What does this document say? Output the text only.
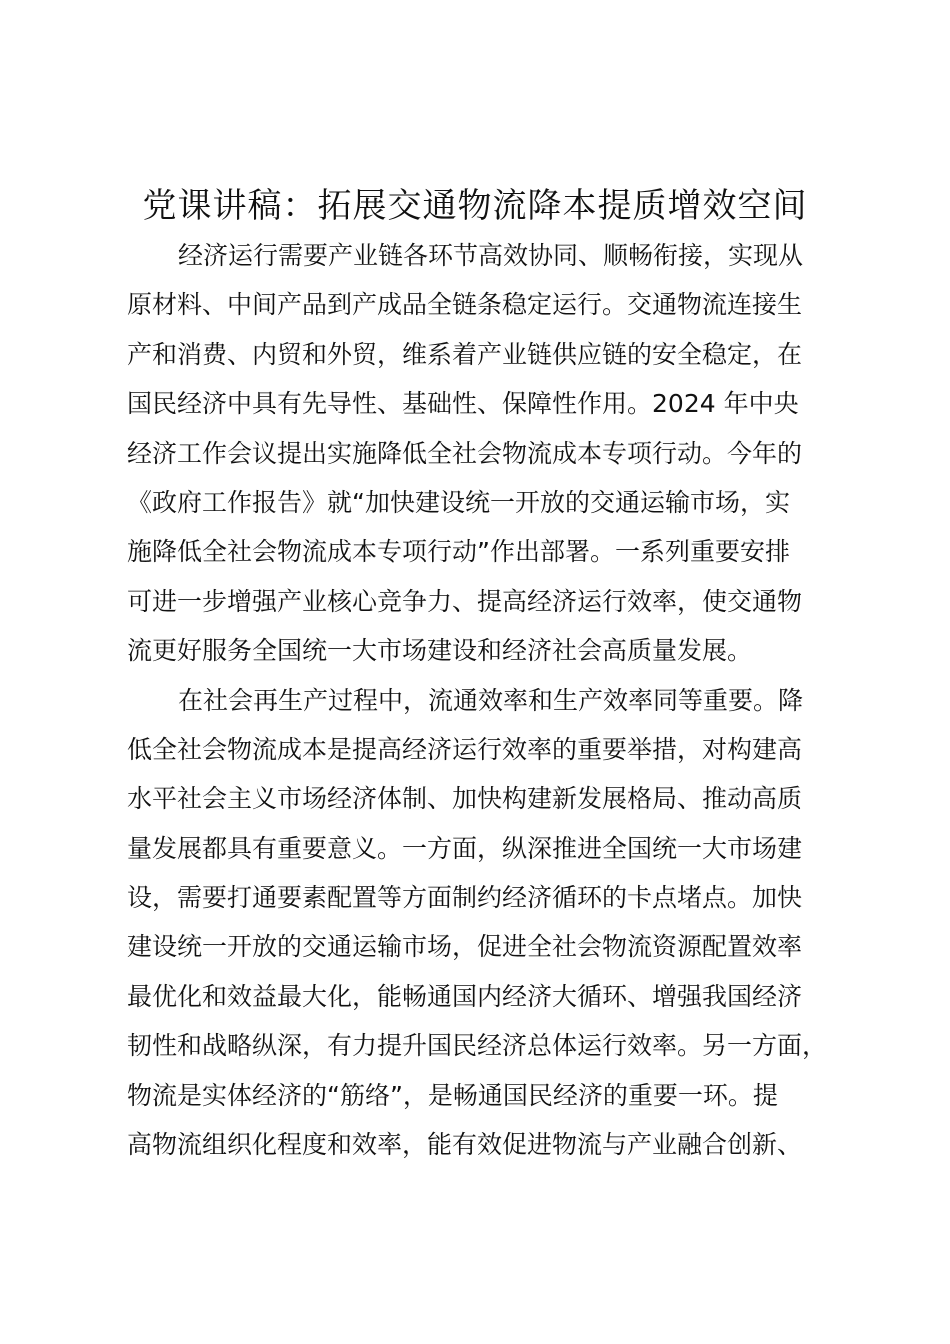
党课讲稿：拓展交通物流降本提质增效空间
经济运行需要产业链各环节高效协同、顺畅衔接，实现从
原材料、中间产品到产成品全链条稳定运行。交通物流连接生
产和消费、内贸和外贸，维系着产业链供应链的安全稳定，在
国民经济中具有先导性、基础性、保障性作用。2024 年中央
经济工作会议提出实施降低全社会物流成本专项行动。今年的
《政府工作报告》就“加快建设统一开放的交通运输市场，实
施降低全社会物流成本专项行动”作出部署。一系列重要安排
可进一步增强产业核心竞争力、提高经济运行效率，使交通物
流更好服务全国统一大市场建设和经济社会高质量发展。
在社会再生产过程中，流通效率和生产效率同等重要。降
低全社会物流成本是提高经济运行效率的重要举措，对构建高
水平社会主义市场经济体制、加快构建新发展格局、推动高质
量发展都具有重要意义。一方面，纵深推进全国统一大市场建
设，需要打通要素配置等方面制约经济循环的卡点堵点。加快
建设统一开放的交通运输市场，促进全社会物流资源配置效率
最优化和效益最大化，能畅通国内经济大循环、增强我国经济
韧性和战略纵深，有力提升国民经济总体运行效率。另一方面，
物流是实体经济的“筋络”，是畅通国民经济的重要一环。提
高物流组织化程度和效率，能有效促进物流与产业融合创新、
